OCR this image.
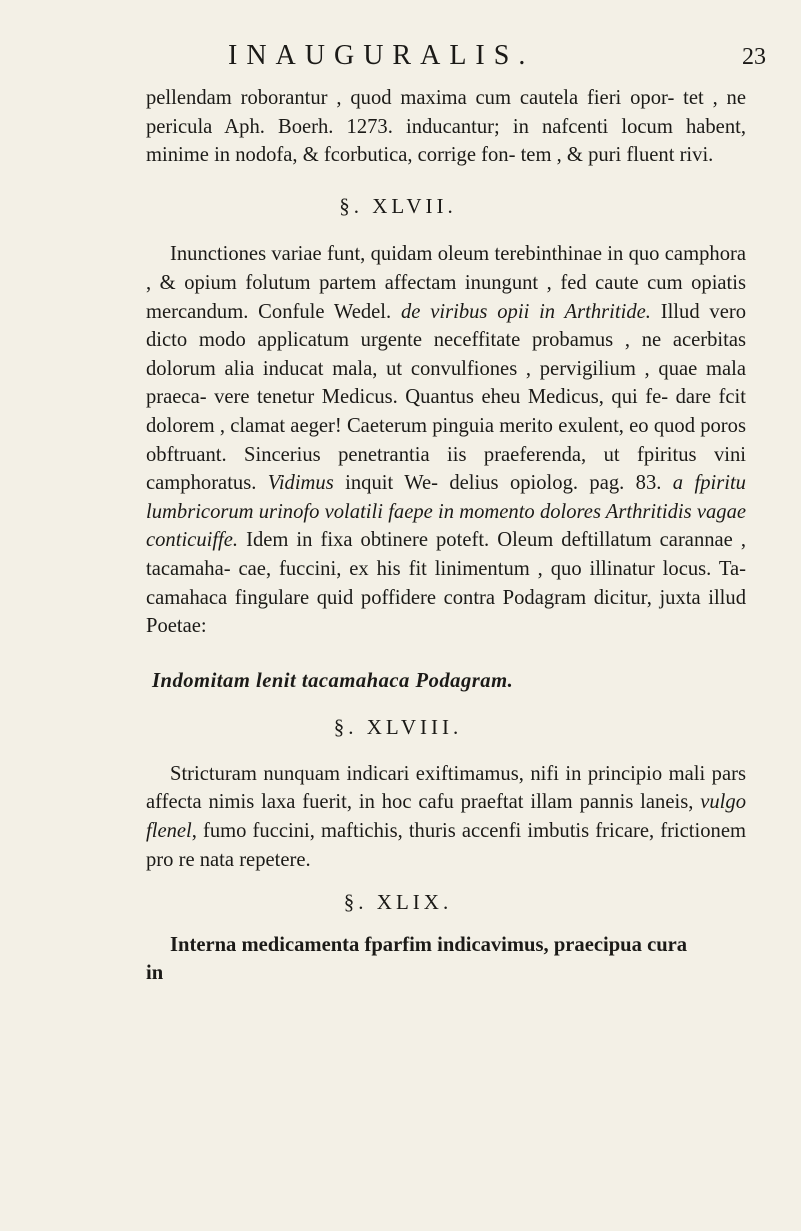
INAUGURALIS.	23

pellendam roborantur , quod maxima cum cautela fieri opor- tet , ne pericula Aph. Boerh. 1273. inducantur; in nafcenti locum habent, minime in nodofa, & fcorbutica, corrige fon- tem , & puri fluent rivi.

§. XLVII.

Inunctiones variae funt, quidam oleum terebinthinae in quo camphora , & opium folutum partem affectam inungunt , fed caute cum opiatis mercandum. Confule Wedel. de viribus opii in Arthritide. Illud vero dicto modo applicatum urgente neceffitate probamus , ne acerbitas dolorum alia inducat mala, ut convulfiones , pervigilium , quae mala praeca- vere tenetur Medicus. Quantus eheu Medicus, qui fe- dare fcit dolorem , clamat aeger! Caeterum pinguia merito exulent, eo quod poros obftruant. Sincerius penetrantia iis praeferenda, ut fpiritus vini camphoratus. Vidimus inquit We- delius opiolog. pag. 83. a fpiritu lumbricorum urinofo volatili faepe in momento dolores Arthritidis vagae conticuiffe. Idem in fixa obtinere poteft. Oleum deftillatum carannae , tacamaha- cae, fuccini, ex his fit linimentum , quo illinatur locus. Ta- camahaca fingulare quid poffidere contra Podagram dicitur, juxta illud Poetae:

Indomitam lenit tacamahaca Podagram.
§. XLVIII.

Stricturam nunquam indicari exiftimamus, nifi in principio mali pars affecta nimis laxa fuerit, in hoc cafu praeftat illam pannis laneis, vulgo flenel, fumo fuccini, maftichis, thuris accenfi imbutis fricare, frictionem pro re nata repetere.

§. XLIX.

Interna medicamenta fparfim indicavimus, praecipua cura

in
